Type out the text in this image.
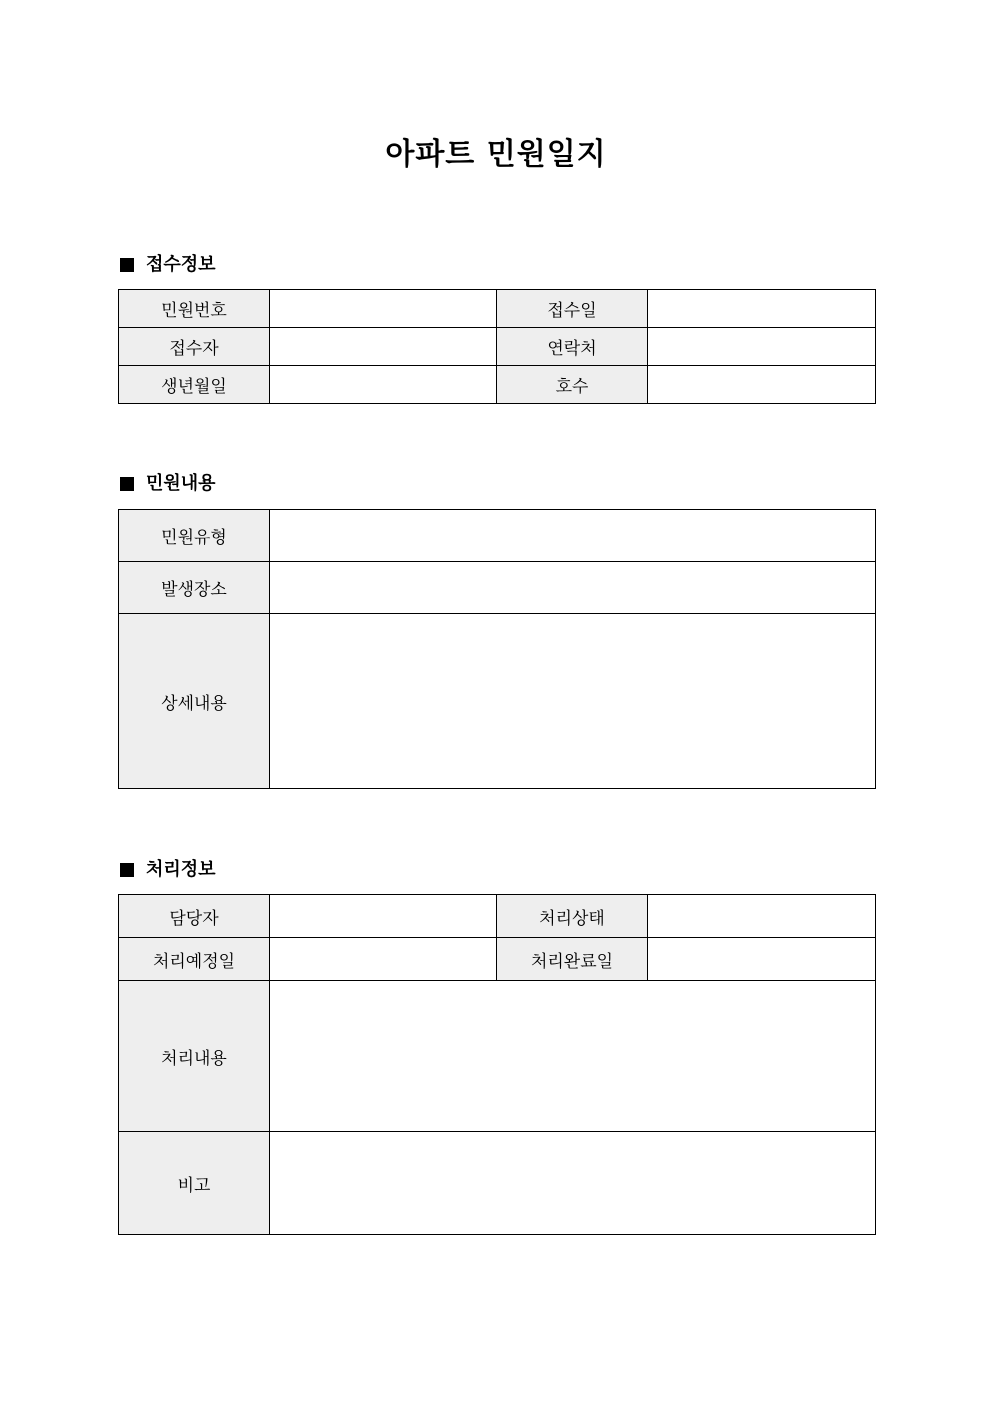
아파트 민원일지
접수정보
민원번호		접수일	
접수자		연락처	
생년월일		호수	
민원내용
민원유형	
발생장소	
상세내용	
처리정보
담당자		처리상태	
처리예정일		처리완료일	
처리내용			
비고			
